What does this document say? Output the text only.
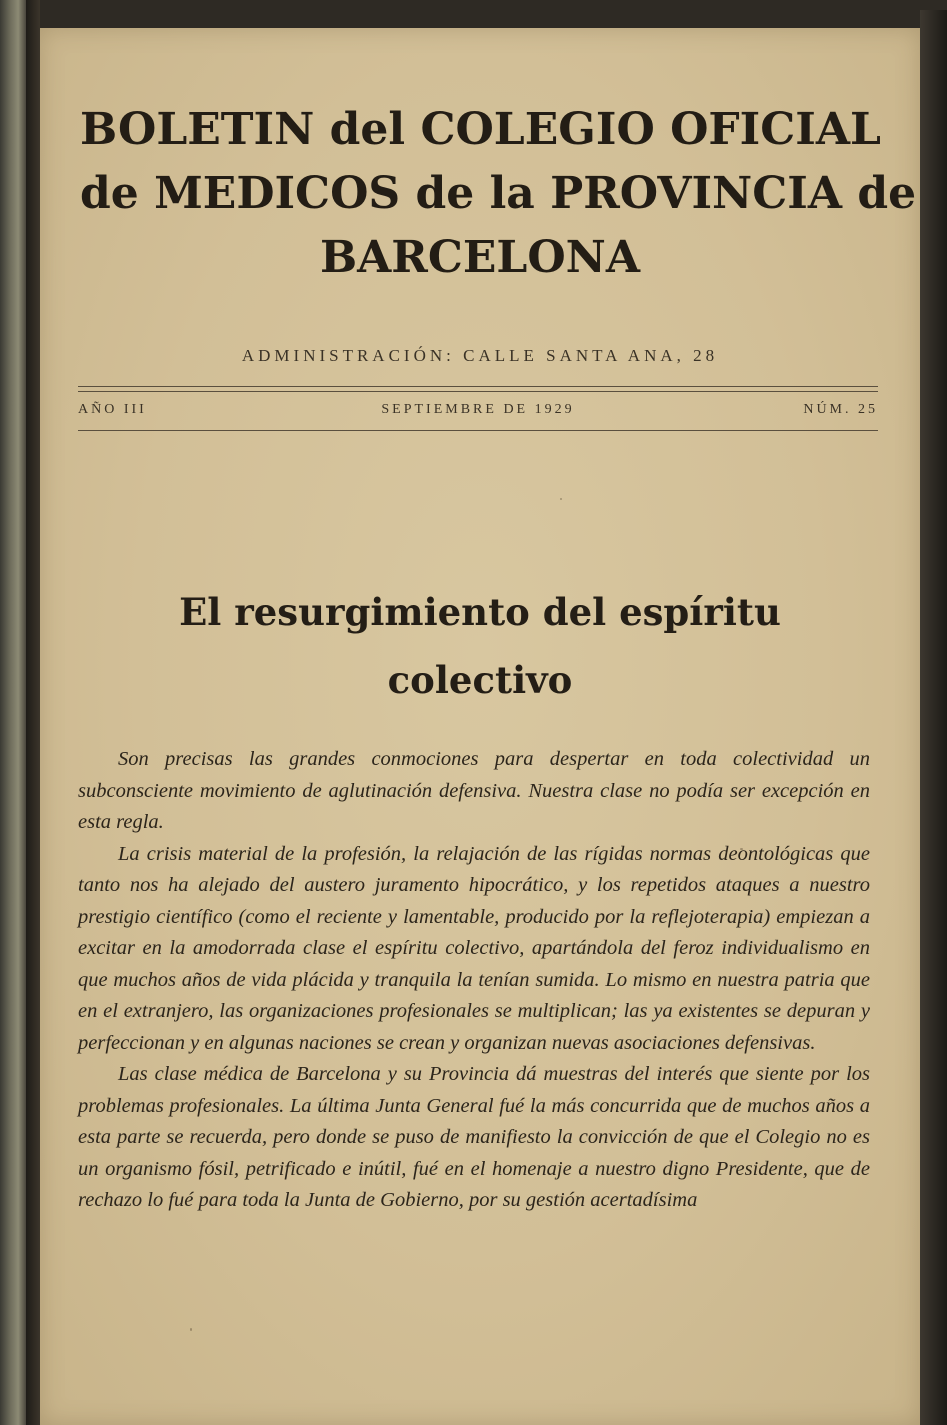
BOLETIN del COLEGIO OFICIAL
de MEDICOS de la PROVINCIA de
BARCELONA
ADMINISTRACIÓN: CALLE SANTA ANA, 28
AÑO III	SEPTIEMBRE DE 1929	NÚM. 25
El resurgimiento del espíritu
colectivo

Son precisas las grandes conmociones para despertar en toda colectividad un subconsciente movimiento de aglutinación defensiva. Nuestra clase no podía ser excepción en esta regla.

La crisis material de la profesión, la relajación de las rígidas normas deontológicas que tanto nos ha alejado del austero juramento hipocrático, y los repetidos ataques a nuestro prestigio científico (como el reciente y lamentable, producido por la reflejoterapia) empiezan a excitar en la amodorrada clase el espíritu colectivo, apartándola del feroz individualismo en que muchos años de vida plácida y tranquila la tenían sumida. Lo mismo en nuestra patria que en el extranjero, las organizaciones profesionales se multiplican; las ya existentes se depuran y perfeccionan y en algunas naciones se crean y organizan nuevas asociaciones defensivas.

Las clase médica de Barcelona y su Provincia dá muestras del interés que siente por los problemas profesionales. La última Junta General fué la más concurrida que de muchos años a esta parte se recuerda, pero donde se puso de manifiesto la convicción de que el Colegio no es un organismo fósil, petrificado e inútil, fué en el homenaje a nuestro digno Presidente, que de rechazo lo fué para toda la Junta de Gobierno, por su gestión acertadísima
